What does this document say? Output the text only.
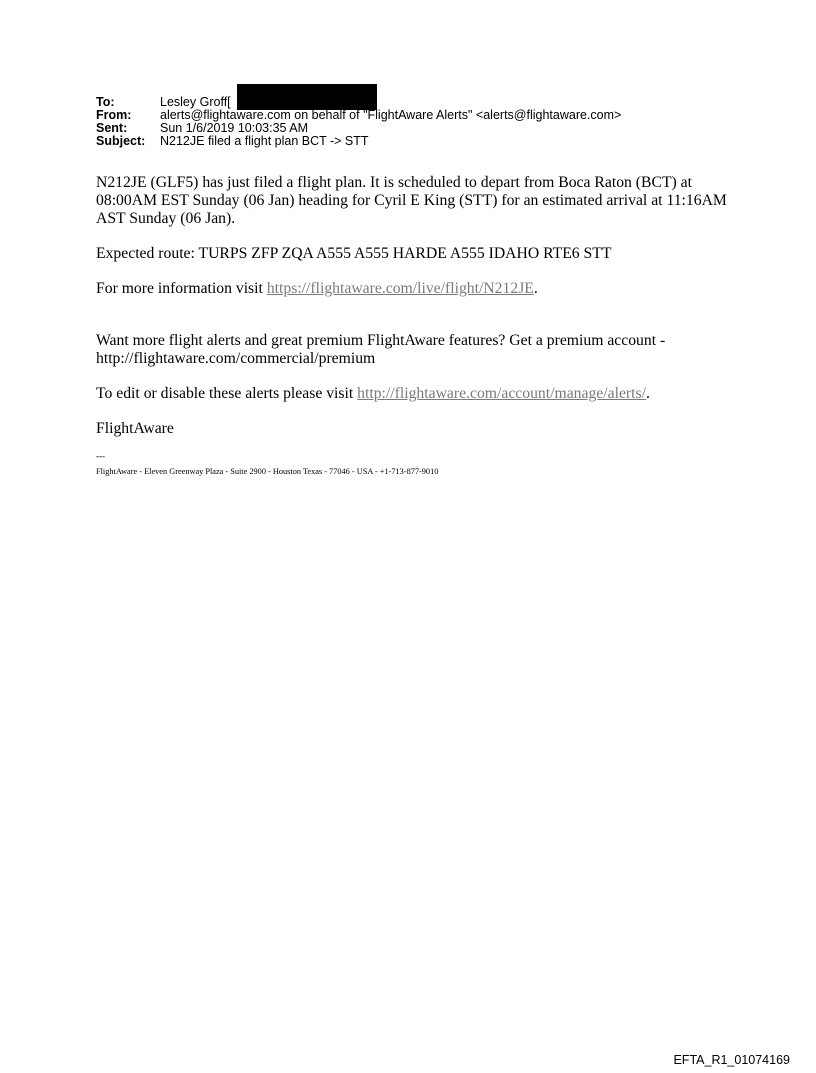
To:	Lesley Groff[
From:	alerts@flightaware.com on behalf of "FlightAware Alerts" <alerts@flightaware.com>
Sent:	Sun 1/6/2019 10:03:35 AM
Subject:	N212JE filed a flight plan BCT -> STT

N212JE (GLF5) has just filed a flight plan. It is scheduled to depart from Boca Raton (BCT) at 08:00AM EST Sunday (06 Jan) heading for Cyril E King (STT) for an estimated arrival at 11:16AM AST Sunday (06 Jan).

Expected route: TURPS ZFP ZQA A555 A555 HARDE A555 IDAHO RTE6 STT

For more information visit https://flightaware.com/live/flight/N212JE.

Want more flight alerts and great premium FlightAware features? Get a premium account - http://flightaware.com/commercial/premium

To edit or disable these alerts please visit http://flightaware.com/account/manage/alerts/.

FlightAware

---
FlightAware - Eleven Greenway Plaza - Suite 2900 - Houston Texas - 77046 - USA - +1-713-877-9010
EFTA_R1_01074169
